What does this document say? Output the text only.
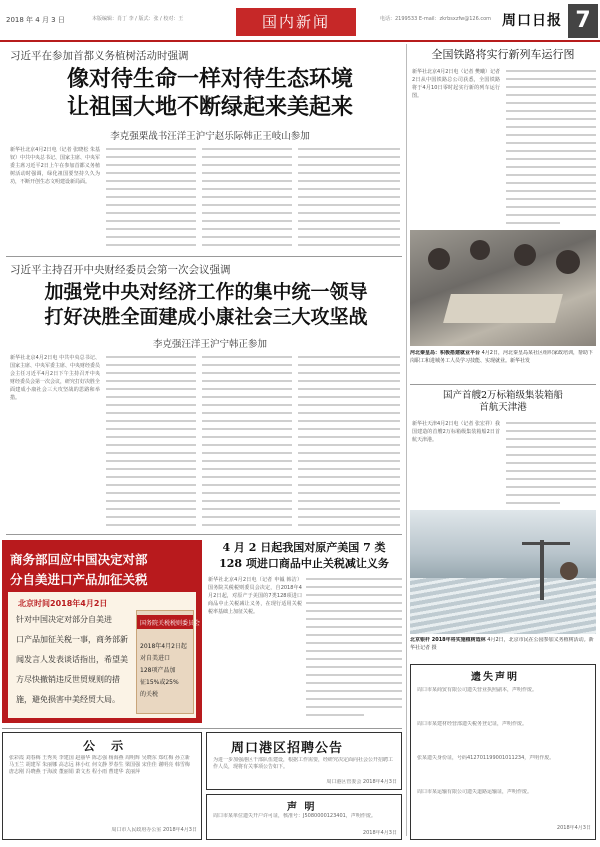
2018 年 4 月 3 日	本版编辑：肖丁 李 / 版式：张 / 校对：王	国内新闻	电话：2199533 E-mail：zkrbsxzfw@126.com 周口日报 7
习近平在参加首都义务植树活动时强调
像对待生命一样对待生态环境
让祖国大地不断绿起来美起来
李克强栗战书汪洋王沪宁赵乐际韩正王岐山参加
新华社北京4月2日电（记者 张晓松 朱基钗）中共中央总书记、国家主席、中央军委主席习近平2日上午在参加首都义务植树活动时强调，绿化祖国要坚持久久为功，不断开创生态文明建设新局面。
习近平主持召开中央财经委员会第一次会议强调
加强党中央对经济工作的集中统一领导
打好决胜全面建成小康社会三大攻坚战
李克强汪洋王沪宁韩正参加
新华社北京4月2日电 中共中央总书记、国家主席、中央军委主席、中央财经委员会主任习近平4月2日下午主持召开中央财经委员会第一次会议，研究打好决胜全面建成小康社会三大攻坚战的思路和举措。
全国铁路将实行新列车运行图
新华社北京4月2日电（记者 樊曦）记者2日从中国铁路总公司获悉，全国铁路将于4月10日零时起实行新的列车运行图。
河北秦皇岛：积极搭建就业平台 4月2日，河北秦皇岛某社区组织家政培训，帮助下岗职工和进城务工人员学习技能、实现就业。新华社发
国产首艘2万标箱级集装箱船
首航天津港
新华社天津4月2日电（记者 张宏祥）我国建造的首艘2万标箱级集装箱船2日首航天津港。
北京银杆 2018年将实施植树造林 4月2日，北京市民在公园参加义务植树活动。新华社记者 摄
商务部回应中国决定对部
分自美进口产品加征关税
北京时间2018年4月2日
针对中国决定对部分自美进
口产品加征关税一事，商务部新
闻发言人发表谈话指出，希望美
方尽快撤销违反世贸规则的措
施，避免损害中美经贸大局。
国务院关税税则委员会
2018年4月2日起
对自美进口
128项产品加
征15%或25%
的关税
4 月 2 日起我国对原产美国 7 类
128 项进口商品中止关税减让义务
新华社北京4月2日电（记者 申铖 韩洁）国务院关税税则委员会决定，自2018年4月2日起，对原产于美国的7类128项进口商品中止关税减让义务，在现行适用关税税率基础上加征关税。
公 示
张彩霞 刘春梅 王秀英 李建国 赵丽华 陈志强 杨海燕 周明辉 吴晓东 郑红梅 孙立新 马玉兰 胡建军 朱丽娜 高志远 林小红 何文静 罗春生 梁国强 宋佳佳 谢明亮 韩雪梅 唐志刚 冯晓燕 于海波 董丽娟 萧文杰 程小雨 曹建华 袁丽萍
周口市人民政府办公室 2018年4月3日
周口港区招聘公告
为进一步加强港区干部队伍建设，根据工作需要，经研究决定面向社会公开招聘工作人员，现将有关事项公告如下。
周口港区管委会 2018年4月3日
声 明
周口市某单位遗失开户许可证，核准号：J5080000123401，声明作废。
2018年4月3日
遗失声明
周口市某商贸有限公司遗失营业执照副本，声明作废。
周口市某建材经营部遗失税务登记证，声明作废。
张某遗失身份证，号码412701199001011234，声明作废。
周口市某运输有限公司遗失道路运输证，声明作废。
2018年4月3日
